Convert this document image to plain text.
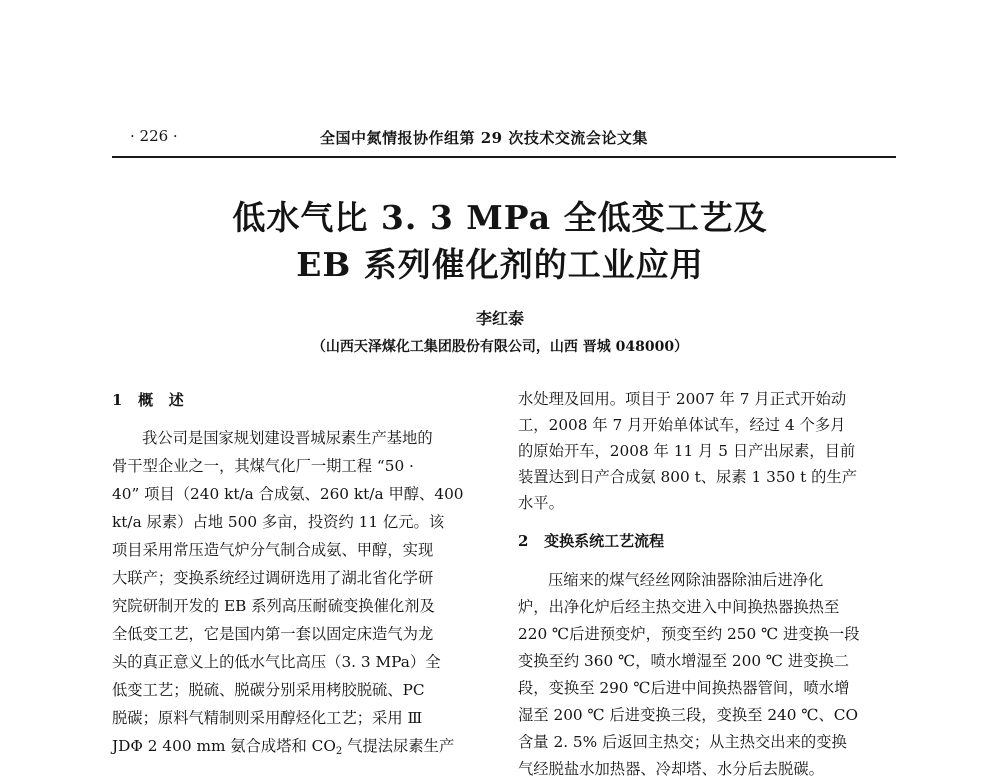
· 226 ·	全国中氮情报协作组第 29 次技术交流会论文集
低水气比 3. 3 MPa 全低变工艺及
EB 系列催化剂的工业应用
李红泰
（山西天泽煤化工集团股份有限公司，山西 晋城 048000）
1   概   述
我公司是国家规划建设晋城尿素生产基地的
骨干型企业之一，其煤气化厂一期工程 “50 ·
40” 项目（240 kt/a 合成氨、260 kt/a 甲醇、400
kt/a 尿素）占地 500 多亩，投资约 11 亿元。该
项目采用常压造气炉分气制合成氨、甲醇，实现
大联产；变换系统经过调研选用了湖北省化学研
究院研制开发的 EB 系列高压耐硫变换催化剂及
全低变工艺，它是国内第一套以固定床造气为龙
头的真正意义上的低水气比高压（3. 3 MPa）全
低变工艺；脱硫、脱碳分别采用栲胶脱硫、PC
脱碳；原料气精制则采用醇烃化工艺；采用 Ⅲ
JDΦ 2 400 mm 氨合成塔和 $CO_2$ 气提法尿素生产
水处理及回用。项目于 2007 年 7 月正式开始动
工，2008 年 7 月开始单体试车，经过 4 个多月
的原始开车，2008 年 11 月 5 日产出尿素，目前
装置达到日产合成氨 800 t、尿素 1 350 t 的生产
水平。
2   变换系统工艺流程
压缩来的煤气经丝网除油器除油后进净化
炉，出净化炉后经主热交进入中间换热器换热至
220 ℃后进预变炉，预变至约 250 ℃ 进变换一段
变换至约 360 ℃，喷水增湿至 200 ℃ 进变换二
段，变换至 290 ℃后进中间换热器管间，喷水增
湿至 200 ℃ 后进变换三段，变换至 240 ℃、CO
含量 2. 5% 后返回主热交；从主热交出来的变换
气经脱盐水加热器、冷却塔、水分后去脱碳。
